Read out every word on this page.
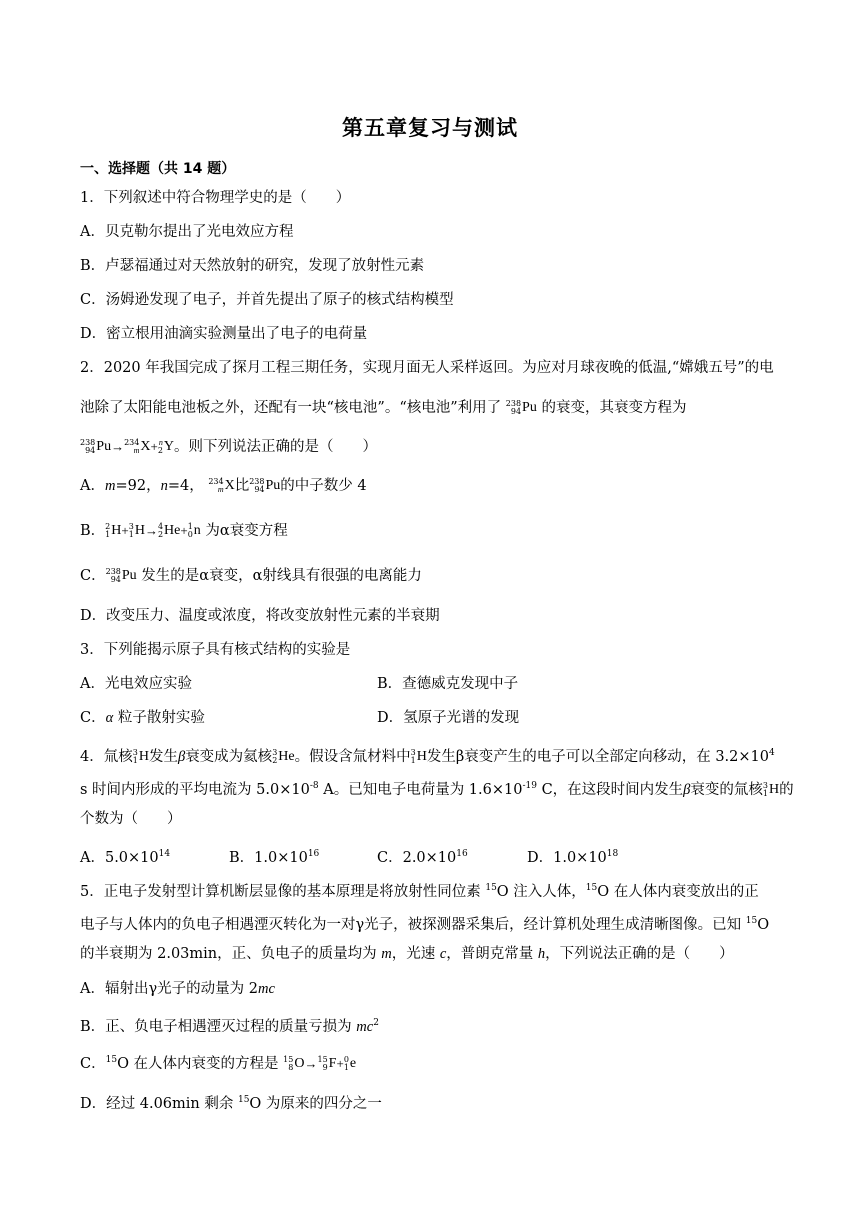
第五章复习与测试
一、选择题（共 14 题）
1．下列叙述中符合物理学史的是（　　）
A．贝克勒尔提出了光电效应方程
B．卢瑟福通过对天然放射的研究，发现了放射性元素
C．汤姆逊发现了电子，并首先提出了原子的核式结构模型
D．密立根用油滴实验测量出了电子的电荷量
2．2020 年我国完成了探月工程三期任务，实现月面无人采样返回。为应对月球夜晚的低温,“嫦娥五号”的电
池除了太阳能电池板之外，还配有一块“核电池”。“核电池”利用了 238
94 Pu 的衰变，其衰变方程为
238
94 Pu → 234
m X + n
2 Y 。则下列说法正确的是（　　）
A．m=92，n=4， 234
m X 比 238
94 Pu 的中子数少 4
B． 2
1 H + 3
1 H → 4
2 He + 1
0 n 为α衰变方程
C． 238
94 Pu 发生的是α衰变，α射线具有很强的电离能力
D．改变压力、温度或浓度，将改变放射性元素的半衰期
3．下列能揭示原子具有核式结构的实验是
A．光电效应实验	B．查德威克发现中子
C．α 粒子散射实验	D．氢原子光谱的发现
4．氚核 3
1 H 发生β衰变成为氦核 3
2 He 。假设含氚材料中 3
1 H 发生β衰变产生的电子可以全部定向移动，在 $3.2\times 10^4$
s 时间内形成的平均电流为 $5.0\times 10^{-8}$ A。已知电子电荷量为 $1.6\times 10^{-19}$ C，在这段时间内发生β衰变的氚核 3
1 H 的
个数为（　　）
A．$5.0\times 10^{14}$	B．$1.0\times 10^{16}$	C．$2.0\times 10^{16}$	D．$1.0\times 10^{18}$
5．正电子发射型计算机断层显像的基本原理是将放射性同位素 $^{15}$O 注入人体，$^{15}$O 在人体内衰变放出的正
电子与人体内的负电子相遇湮灭转化为一对γ光子，被探测器采集后，经计算机处理生成清晰图像。已知 $^{15}$O
的半衰期为 2.03min，正、负电子的质量均为 m，光速 c，普朗克常量 h，下列说法正确的是（　　）
A．辐射出γ光子的动量为 2mc
B．正、负电子相遇湮灭过程的质量亏损为 $mc^2$
C．$^{15}$O 在人体内衰变的方程是 15
8 O → 15
9 F + 0
1 e
D．经过 4.06min 剩余 $^{15}$O 为原来的四分之一
